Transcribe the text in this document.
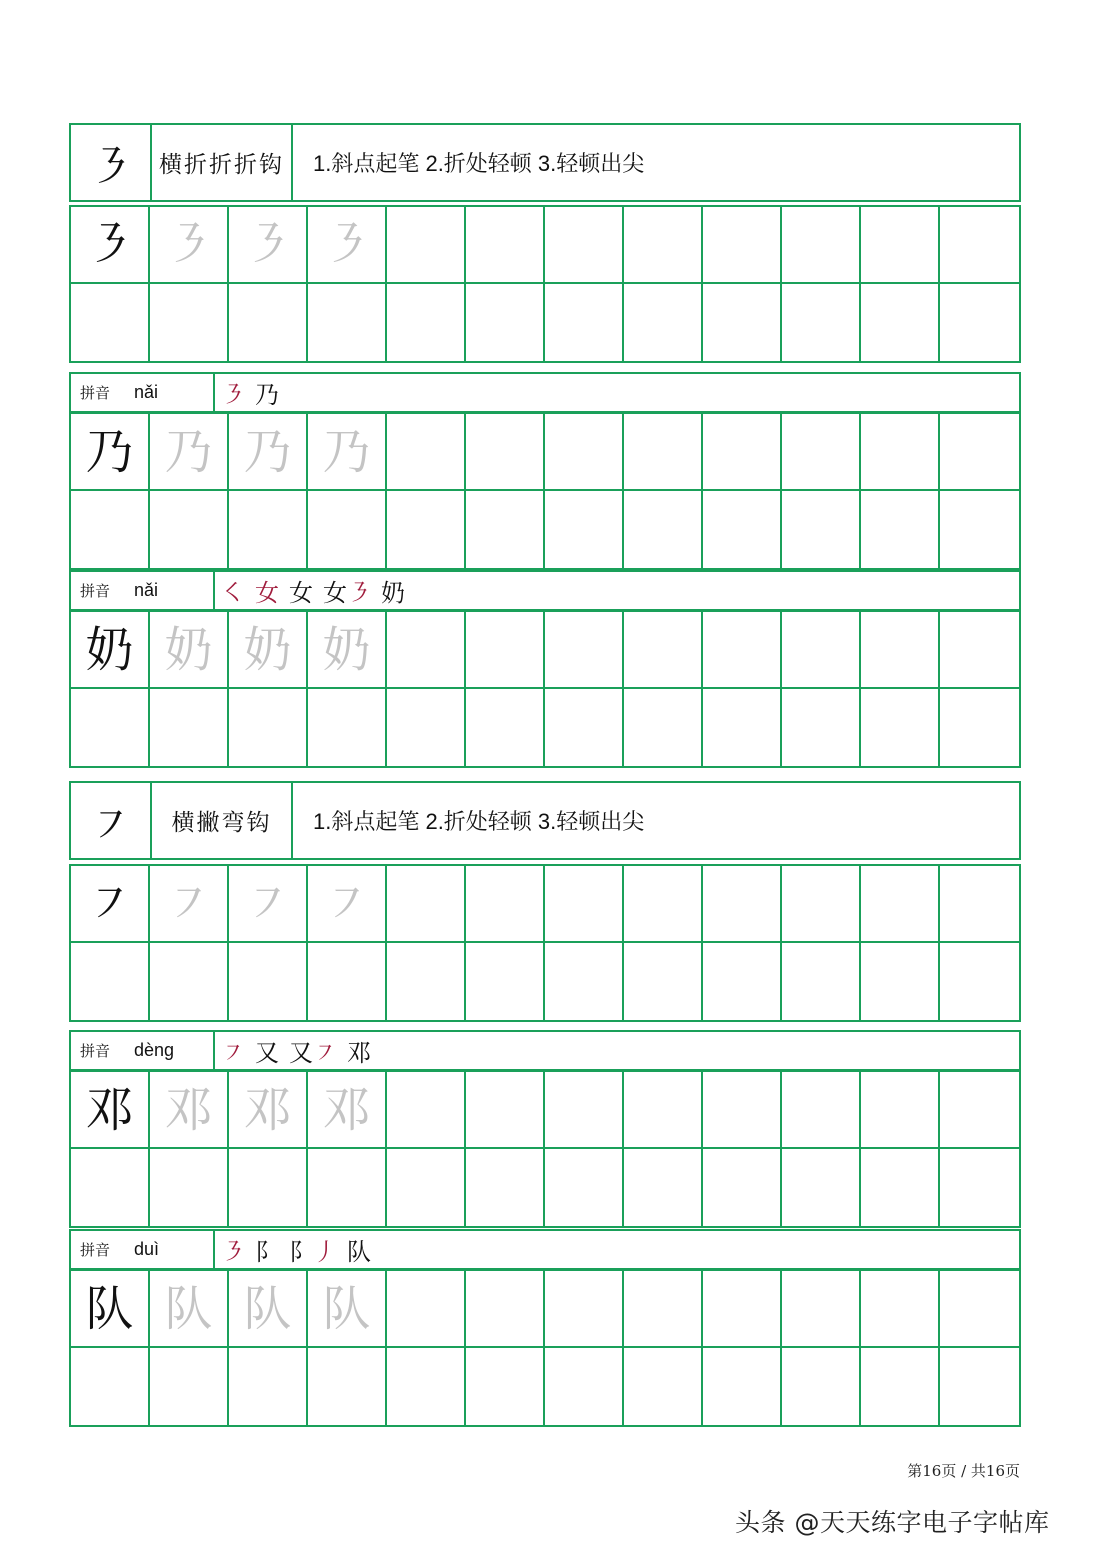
㇋	横折折折钩	1.斜点起笔 2.折处轻顿 3.轻顿出尖
㇋ ㇋ ㇋ ㇋
拼音 nǎi	㇋ 乃
乃 乃 乃 乃
拼音 nǎi	㇛ 女 女 女㇋ 奶
奶 奶 奶 奶
㇇	横撇弯钩	1.斜点起笔 2.折处轻顿 3.轻顿出尖
㇇ ㇇ ㇇ ㇇
拼音 dèng ㇇ 又 又㇇ 邓
邓 邓 邓 邓
拼音 duì	㇋ 阝 阝丿 队
队 队 队 队
第16页 / 共16页
头条 @天天练字电子字帖库
